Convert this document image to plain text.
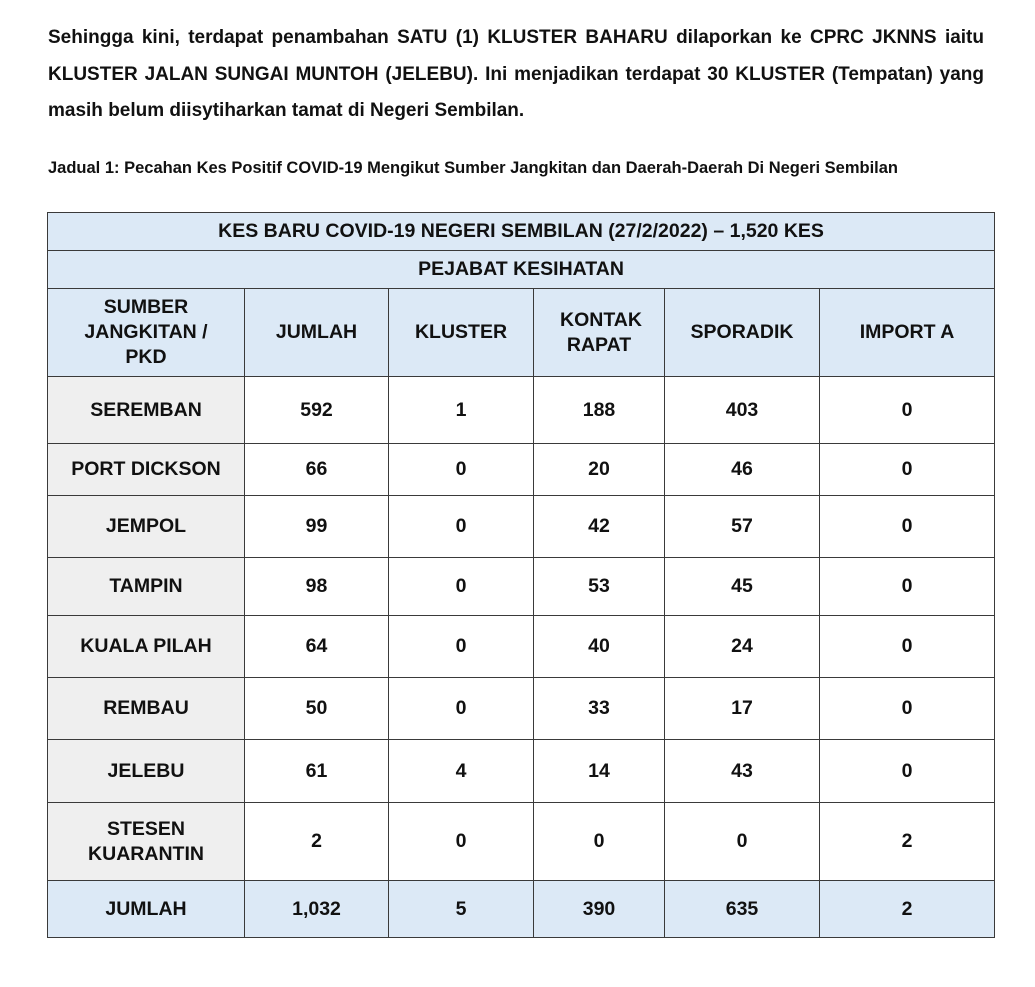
Sehingga kini, terdapat penambahan SATU (1) KLUSTER BAHARU dilaporkan ke CPRC JKNNS iaitu KLUSTER JALAN SUNGAI MUNTOH (JELEBU). Ini menjadikan terdapat 30 KLUSTER (Tempatan) yang masih belum diisytiharkan tamat di Negeri Sembilan.

Jadual 1: Pecahan Kes Positif COVID-19 Mengikut Sumber Jangkitan dan Daerah-Daerah Di Negeri Sembilan

KES BARU COVID-19 NEGERI SEMBILAN (27/2/2022) – 1,520 KES					
PEJABAT KESIHATAN					
SUMBER JANGKITAN / PKD	JUMLAH	KLUSTER	KONTAK RAPAT	SPORADIK	IMPORT A
SEREMBAN	592	1	188	403	0
PORT DICKSON	66	0	20	46	0
JEMPOL	99	0	42	57	0
TAMPIN	98	0	53	45	0
KUALA PILAH	64	0	40	24	0
REMBAU	50	0	33	17	0
JELEBU	61	4	14	43	0
STESEN KUARANTIN	2	0	0	0	2
JUMLAH	1,032	5	390	635	2
